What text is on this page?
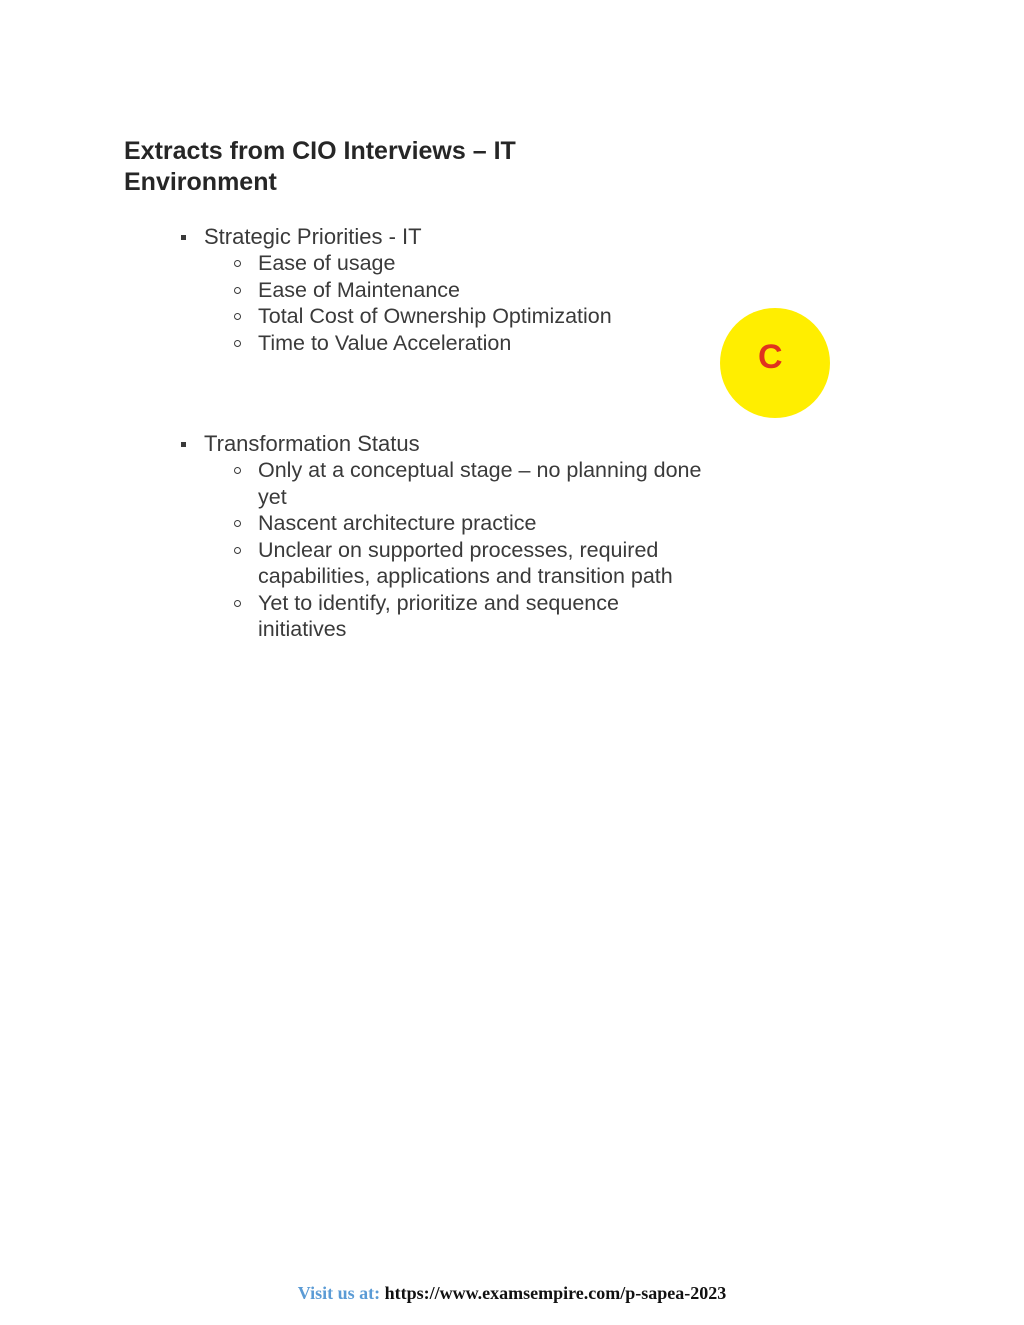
Extracts from CIO Interviews – IT Environment

Strategic Priorities - IT

Ease of usage
Ease of Maintenance
Total Cost of Ownership Optimization
Time to Value Acceleration

Transformation Status

Only at a conceptual stage – no planning done yet
Nascent architecture practice
Unclear on supported processes, required capabilities, applications and transition path
Yet to identify, prioritize and sequence initiatives
C
Visit us at: https://www.examsempire.com/p-sapea-2023
